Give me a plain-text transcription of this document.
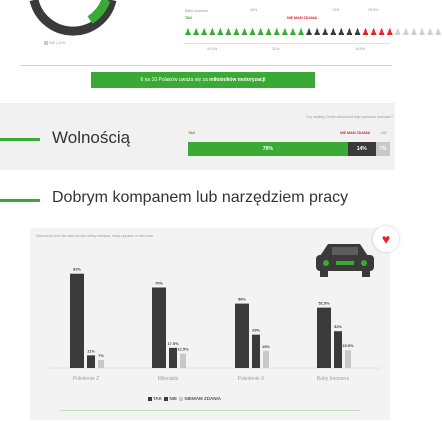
NIE | 21%
Baby boomers
TAK	NIE MAM ZDANIA
49%	15%	28.5%
♟♟♟♟♟♟♟♟♟♟♟♟♟♟♟♟♟♟♟♟♟♟♟♟♟♟♟♟♟♟♟♟
49.5%	32%	18.5%
6 na 10 Polaków uważa się za miłośników motoryzacji
Wolnością
Czy według Ciebie samochód daje poczucie wolności?
TAK	NIE MAM ZDANIA	NIE
79%	14%	7%
Dobrym kompanem lub narzędziem pracy
Samochód jest dla mnie niczym dobry kompan, lubię spędzać w nim czas	♥
82%
11%
7%
Pokolenie Z
70%
17.5%
12.5%
Milenialsi
56%
29%
15%
Pokolenie X
52.5%
32%
15.5%
Baby boomers
TAK NIE NIEMAM ZDANIA
